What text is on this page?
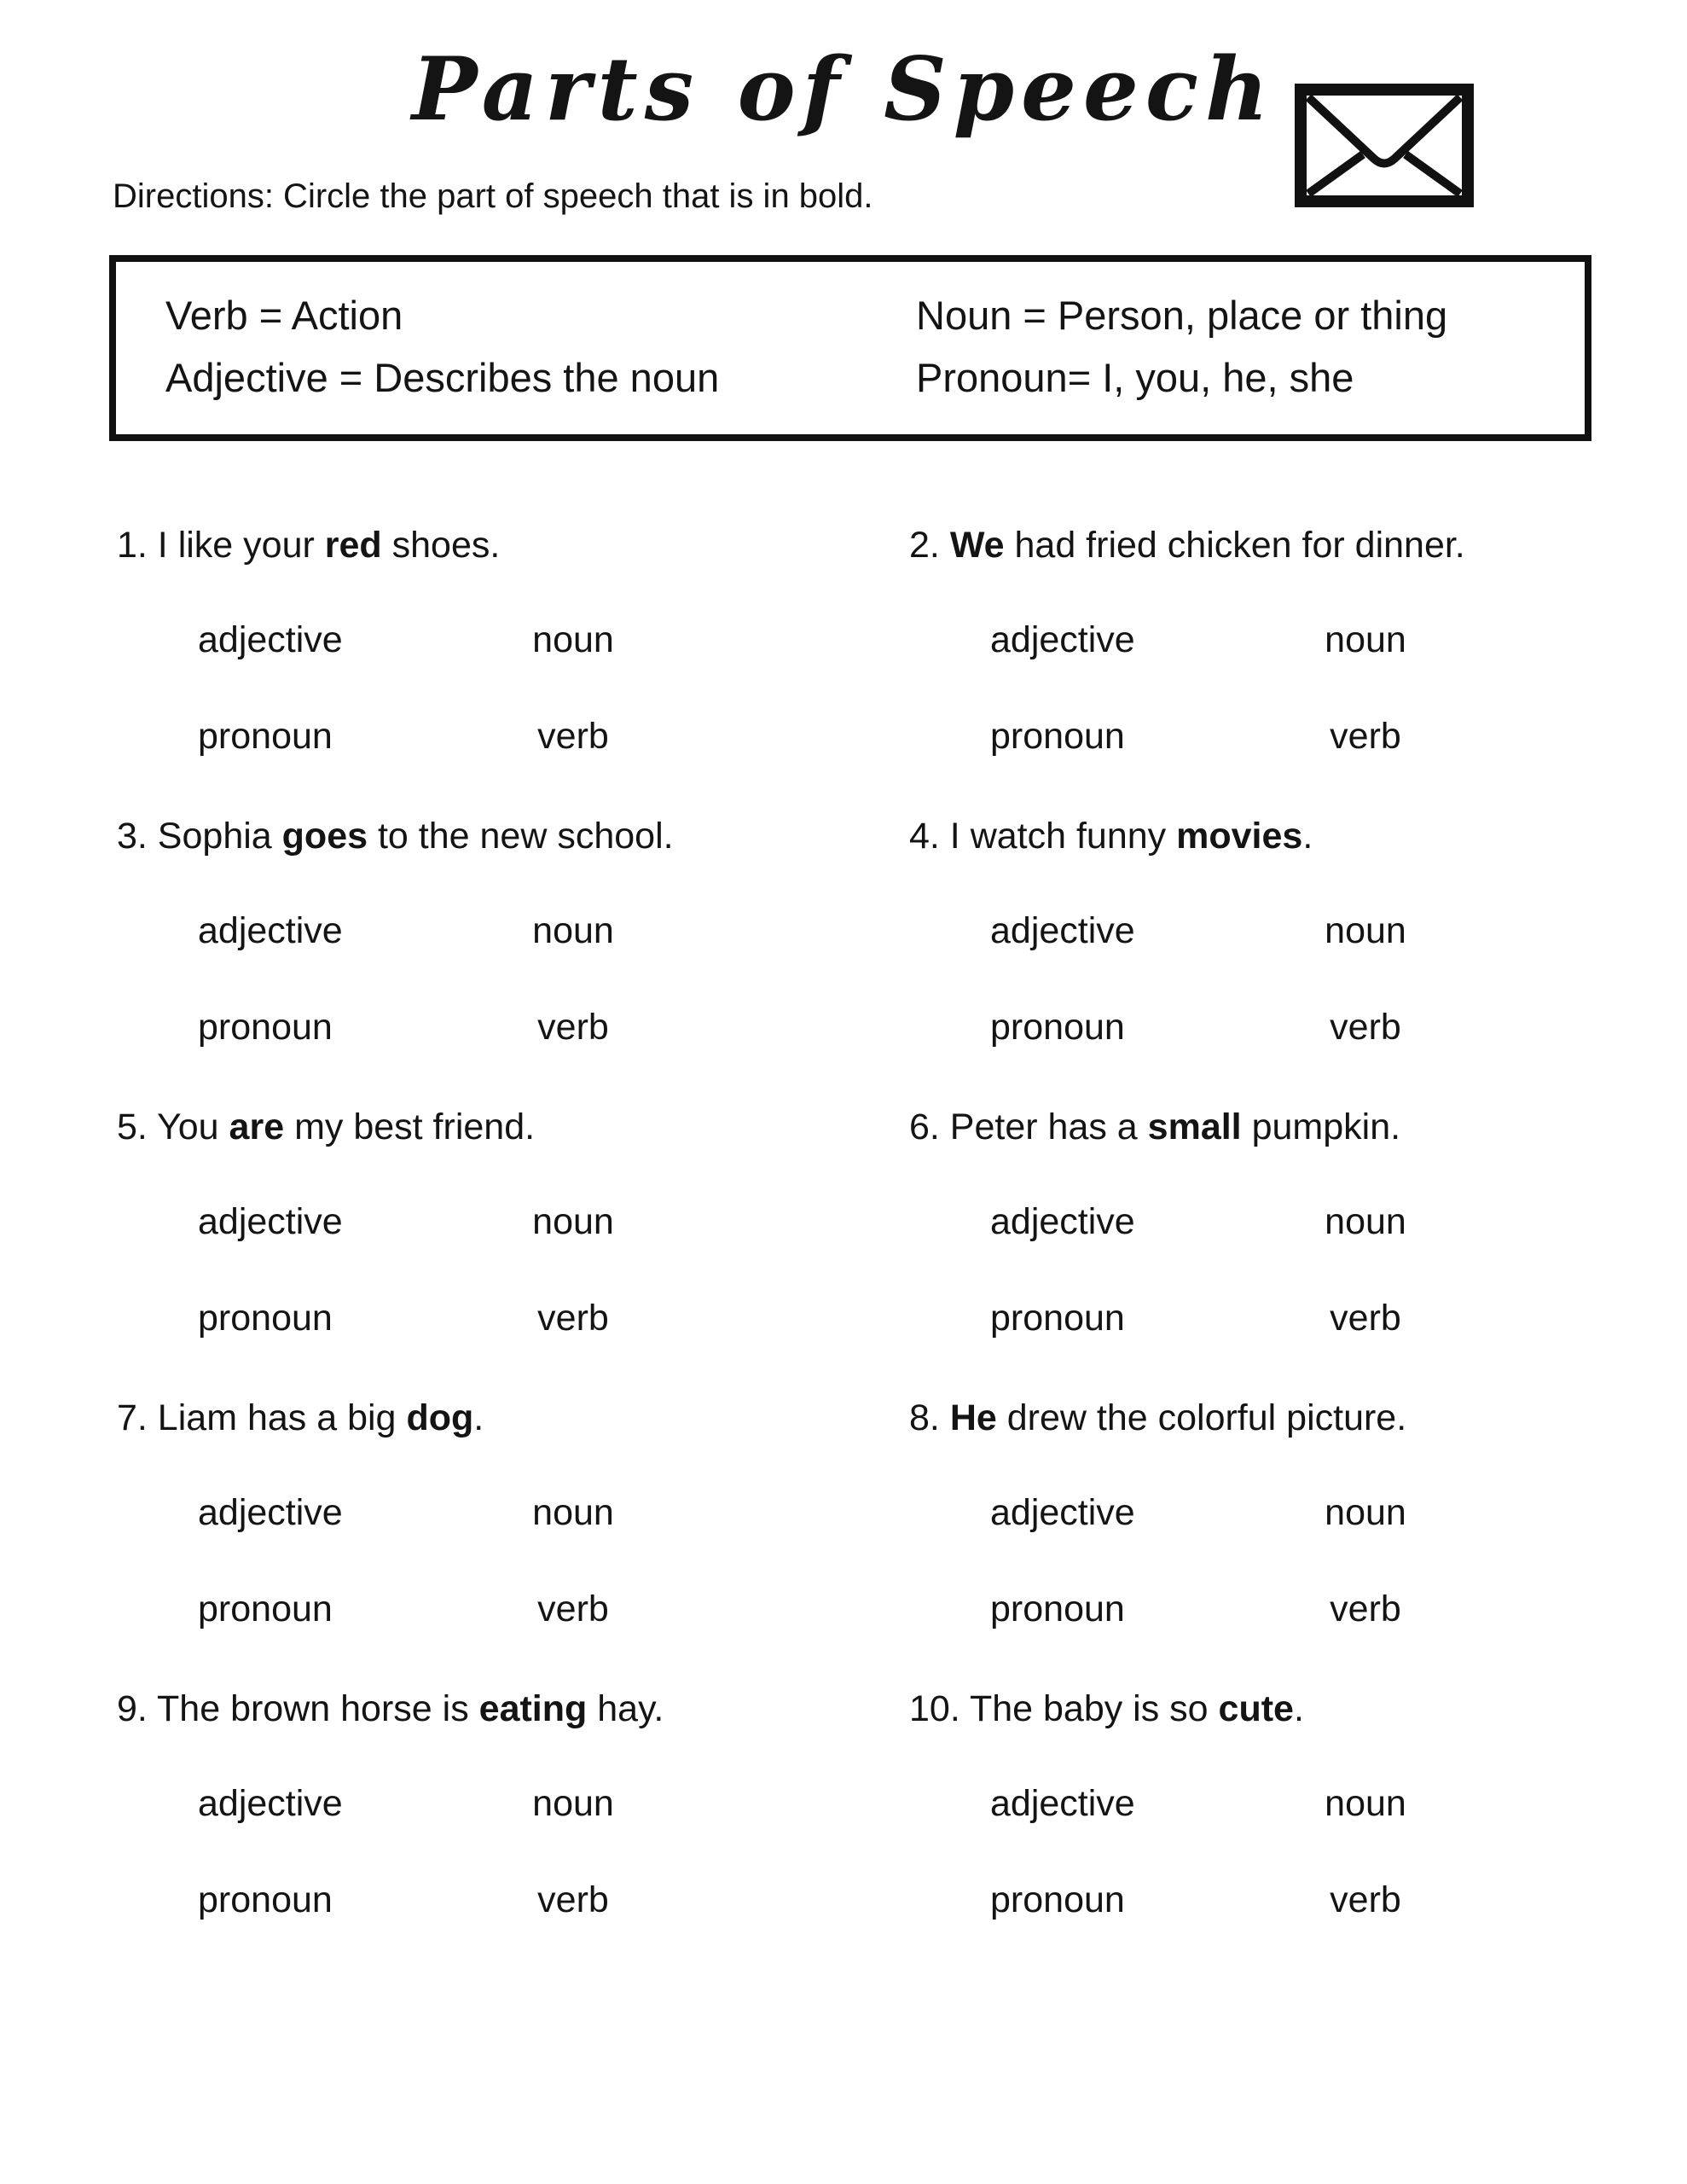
Parts of Speech

Directions: Circle the part of speech that is in bold.

Verb = Action	Noun = Person, place or thing
Adjective = Describes the noun	Pronoun= I, you, he, she

1. I like your red shoes.

adjective	noun
pronoun	verb

2. We had fried chicken for dinner.

adjective	noun
pronoun	verb

3. Sophia goes to the new school.

adjective	noun
pronoun	verb

4. I watch funny movies.

adjective	noun
pronoun	verb

5. You are my best friend.

adjective	noun
pronoun	verb

6. Peter has a small pumpkin.

adjective	noun
pronoun	verb

7. Liam has a big dog.

adjective	noun
pronoun	verb

8. He drew the colorful picture.

adjective	noun
pronoun	verb

9. The brown horse is eating hay.

adjective	noun
pronoun	verb

10. The baby is so cute.

adjective	noun
pronoun	verb
